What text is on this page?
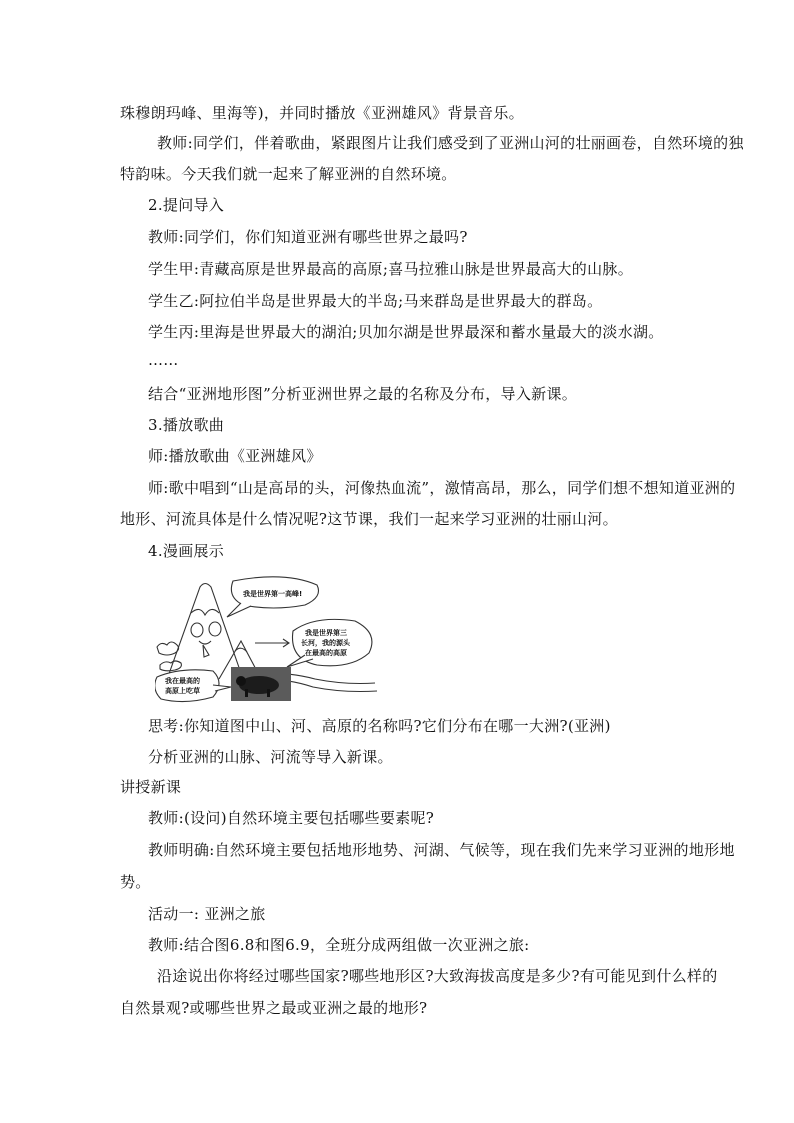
珠穆朗玛峰、里海等)，并同时播放《亚洲雄风》背景音乐。
教师:同学们，伴着歌曲，紧跟图片让我们感受到了亚洲山河的壮丽画卷，自然环境的独
特韵味。今天我们就一起来了解亚洲的自然环境。
2.提问导入
教师:同学们，你们知道亚洲有哪些世界之最吗?
学生甲:青藏高原是世界最高的高原;喜马拉雅山脉是世界最高大的山脉。
学生乙:阿拉伯半岛是世界最大的半岛;马来群岛是世界最大的群岛。
学生丙:里海是世界最大的湖泊;贝加尔湖是世界最深和蓄水量最大的淡水湖。
……
结合“亚洲地形图”分析亚洲世界之最的名称及分布，导入新课。
3.播放歌曲
师:播放歌曲《亚洲雄风》
师:歌中唱到“山是高昂的头，河像热血流”，激情高昂，那么，同学们想不想知道亚洲的
地形、河流具体是什么情况呢?这节课，我们一起来学习亚洲的壮丽山河。
4.漫画展示
我是世界第一高峰!
我是世界第三
长河，我的源头
在最高的高原
我在最高的
高原上吃草
思考:你知道图中山、河、高原的名称吗?它们分布在哪一大洲?(亚洲)
分析亚洲的山脉、河流等导入新课。
讲授新课
教师:(设问)自然环境主要包括哪些要素呢?
教师明确:自然环境主要包括地形地势、河湖、气候等，现在我们先来学习亚洲的地形地
势。
活动一: 亚洲之旅
教师:结合图6.8和图6.9，全班分成两组做一次亚洲之旅:
沿途说出你将经过哪些国家?哪些地形区?大致海拔高度是多少?有可能见到什么样的
自然景观?或哪些世界之最或亚洲之最的地形?
